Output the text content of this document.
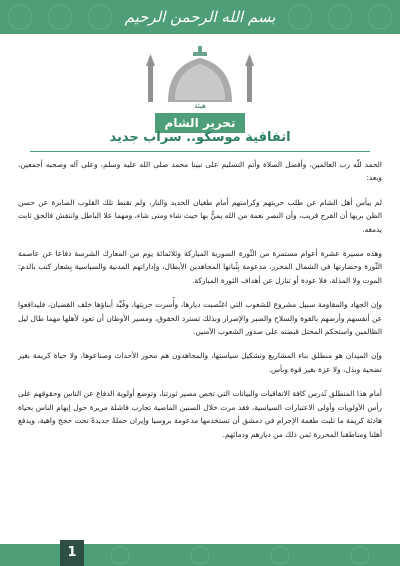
بسم الله الرحمن الرحيم
هيئة
تحرير الشام
اتفاقية موسكو.. سراب جديد

الحمد للّه رب العالمين، وأفضل الصلاة وأتم التسليم على نبينا محمد صلى الله عليه وسلم، وعلى آله وصحبه أجمعين، وبعد:

لم ييأس أهل الشام عن طلب حريتهم وكرامتهم أمام طغيان الحديد والنار، ولم تقنط تلك القلوب الصابرة عن حسن الظن بربها أن الفرج قريب، وأن النصر نعمة من الله يمنُّ بها حيث شاء ومتى شاء، ومهما علا الباطل وانتفش فالحق ثابت يدمغه.

وهذه مسيرة عشرة أعوام مستمرة من الثّورة السورية المباركة وثلاثمائة يوم من المعارك الشرسة دفاعا عن عاصمة الثّورة وحضارتها في الشمال المحرر، مدعومة بِثُباتها المجاهدين الأبطال، وإداراتهم المدنية والسياسية بِشعار كتب بالدم: الموت ولا المذلة، فلا عودة أو تنازل عن أهداف الثورة المباركة.

وإن الجهاد والمقاومة سبيل مشروع للشعوب التي اغتُصبت ديارها، وأُسرت حريتها، وقُيِّد أبناؤها خلف القضبان، فليدافعوا عن أنفسهم وأرضهم بالقوة والسلاح والصبر والإصرار وبذلك تسترد الحقوق، ومصير الأوطان أن تعود لأهلها مهما طال ليل الظالمين واستحكم المحتل قبضته على صدور الشعوب الآمنين.

وإن الميدان هو منطلق بناء المشاريع وتشكيل سياستها، والمجاهدون هم محور الأحداث وصناعوها، ولا حياة كريمة بغير تضحية وبذل، ولا عزة بغير قوة وبأس.

أمام هذا المنطلق تُدرس كافة الاتفاقيات والبيانات التي تخص مصير ثورتنا، وتوضع أولوية الدفاع عن الناس وحقوقهم على رأس الأولويات وأولى الاعتبارات السياسية، فقد مرت خلال السنين الماضية تجارب فاشلة مريرة حول إيهام الناس بحياة هادئة كريمة ما تلبث طغمة الإجرام في دمشق أن تستخدمها مدعومة بروسيا وإيران حملةً جديدةً تحت حجج واهية، ويدفع أهلنا ومناطقنا المحررة ثمن ذلك من ديارهم ودمائهم.

1
